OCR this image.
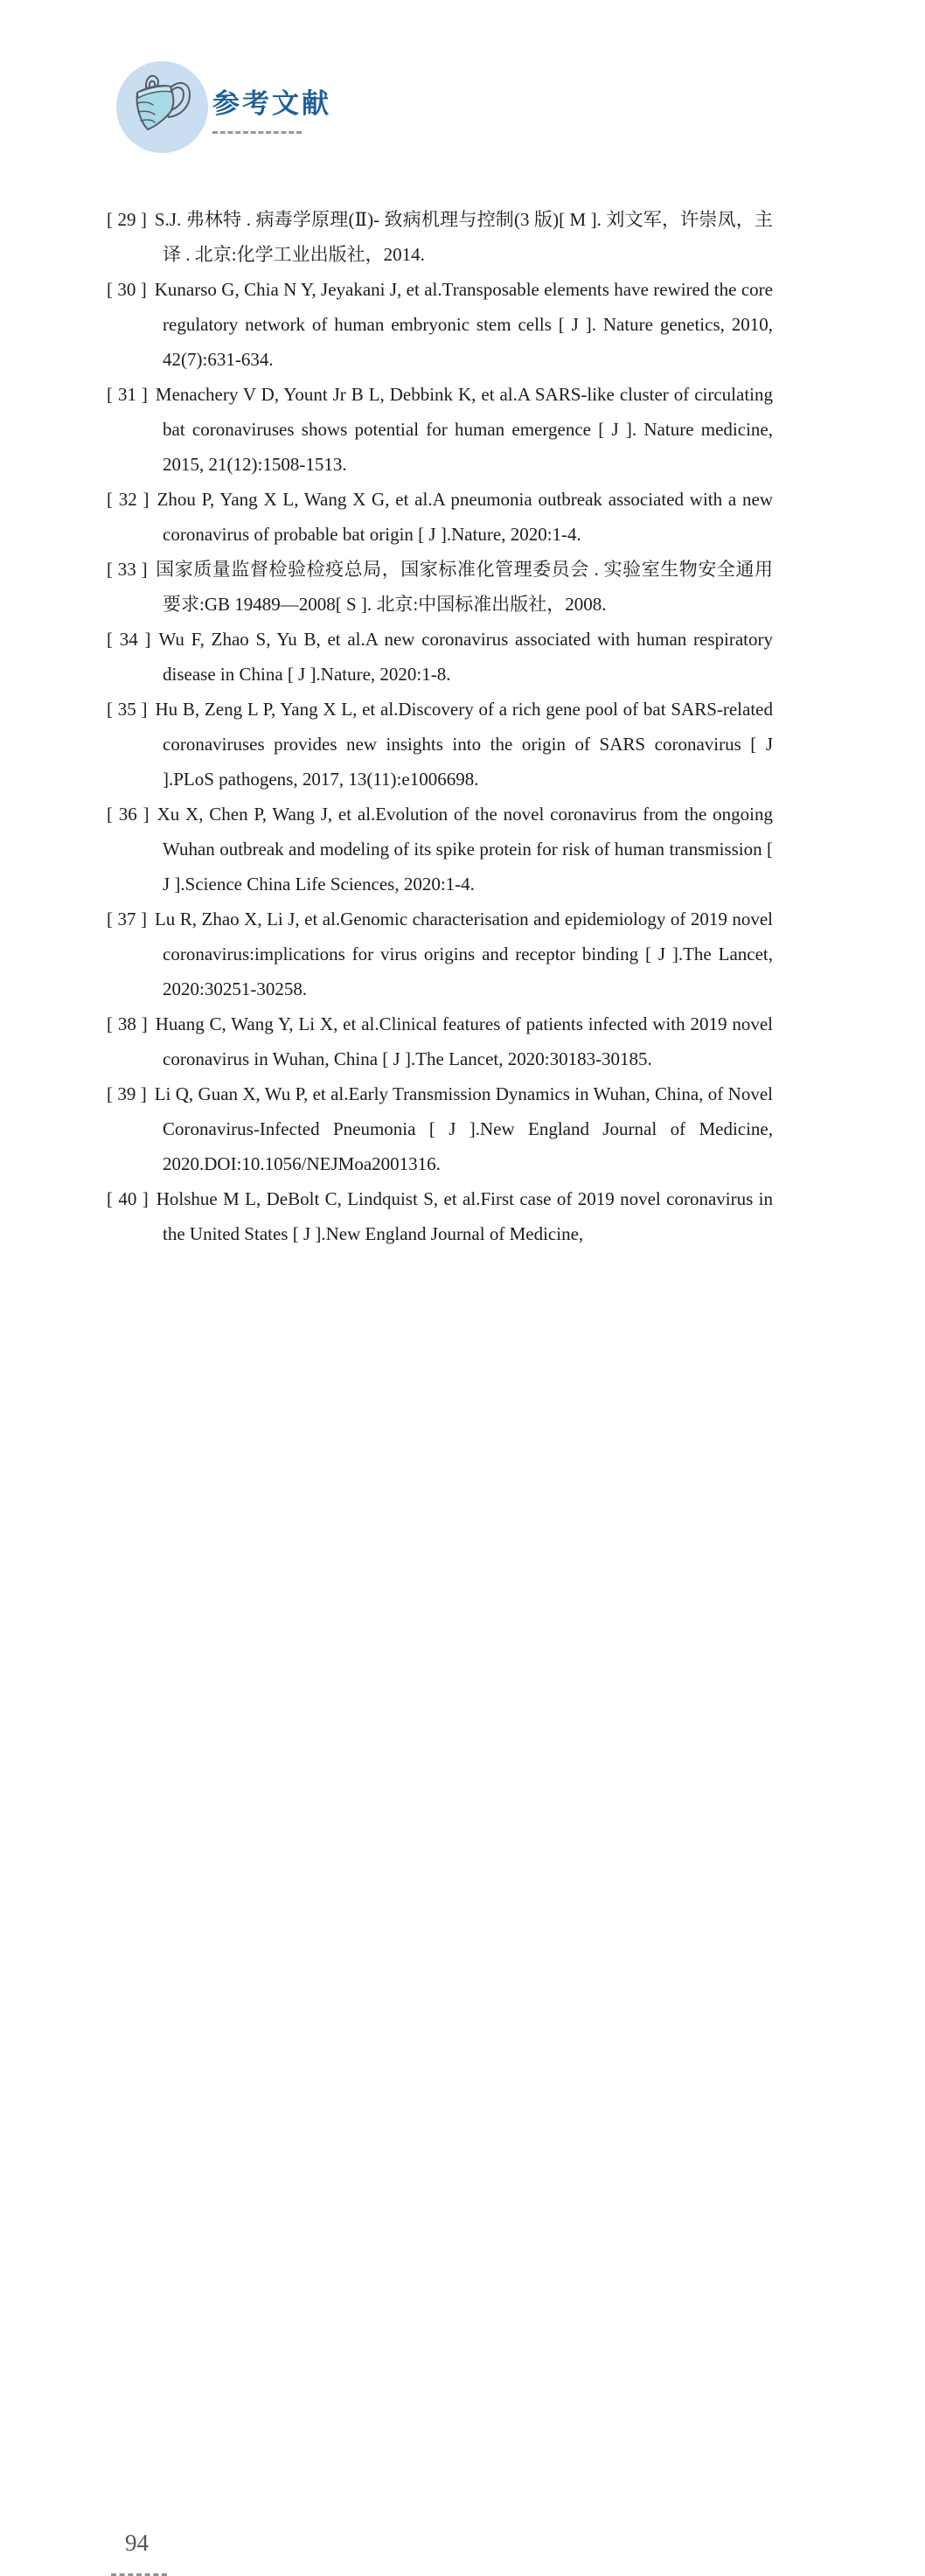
参考文献

[ 29 ] S.J. 弗林特 . 病毒学原理(Ⅱ)- 致病机理与控制(3 版)[ M ]. 刘文军，许崇凤，主译 . 北京:化学工业出版社，2014.

[ 30 ] Kunarso G, Chia N Y, Jeyakani J, et al.Transposable elements have rewired the core regulatory network of human embryonic stem cells [ J ]. Nature genetics, 2010, 42(7):631-634.

[ 31 ] Menachery V D, Yount Jr B L, Debbink K, et al.A SARS-like cluster of circulating bat coronaviruses shows potential for human emergence [ J ]. Nature medicine, 2015, 21(12):1508-1513.

[ 32 ] Zhou P, Yang X L, Wang X G, et al.A pneumonia outbreak associated with a new coronavirus of probable bat origin [ J ].Nature, 2020:1-4.

[ 33 ] 国家质量监督检验检疫总局，国家标准化管理委员会 . 实验室生物安全通用要求:GB 19489—2008[ S ]. 北京:中国标准出版社，2008.

[ 34 ] Wu F, Zhao S, Yu B, et al.A new coronavirus associated with human respiratory disease in China [ J ].Nature, 2020:1-8.

[ 35 ] Hu B, Zeng L P, Yang X L, et al.Discovery of a rich gene pool of bat SARS-related coronaviruses provides new insights into the origin of SARS coronavirus [ J ].PLoS pathogens, 2017, 13(11):e1006698.

[ 36 ] Xu X, Chen P, Wang J, et al.Evolution of the novel coronavirus from the ongoing Wuhan outbreak and modeling of its spike protein for risk of human transmission [ J ].Science China Life Sciences, 2020:1-4.

[ 37 ] Lu R, Zhao X, Li J, et al.Genomic characterisation and epidemiology of 2019 novel coronavirus:implications for virus origins and receptor binding [ J ].The Lancet, 2020:30251-30258.

[ 38 ] Huang C, Wang Y, Li X, et al.Clinical features of patients infected with 2019 novel coronavirus in Wuhan, China [ J ].The Lancet, 2020:30183-30185.

[ 39 ] Li Q, Guan X, Wu P, et al.Early Transmission Dynamics in Wuhan, China, of Novel Coronavirus-Infected Pneumonia [ J ].New England Journal of Medicine, 2020.DOI:10.1056/NEJMoa2001316.

[ 40 ] Holshue M L, DeBolt C, Lindquist S, et al.First case of 2019 novel coronavirus in the United States [ J ].New England Journal of Medicine,

94
